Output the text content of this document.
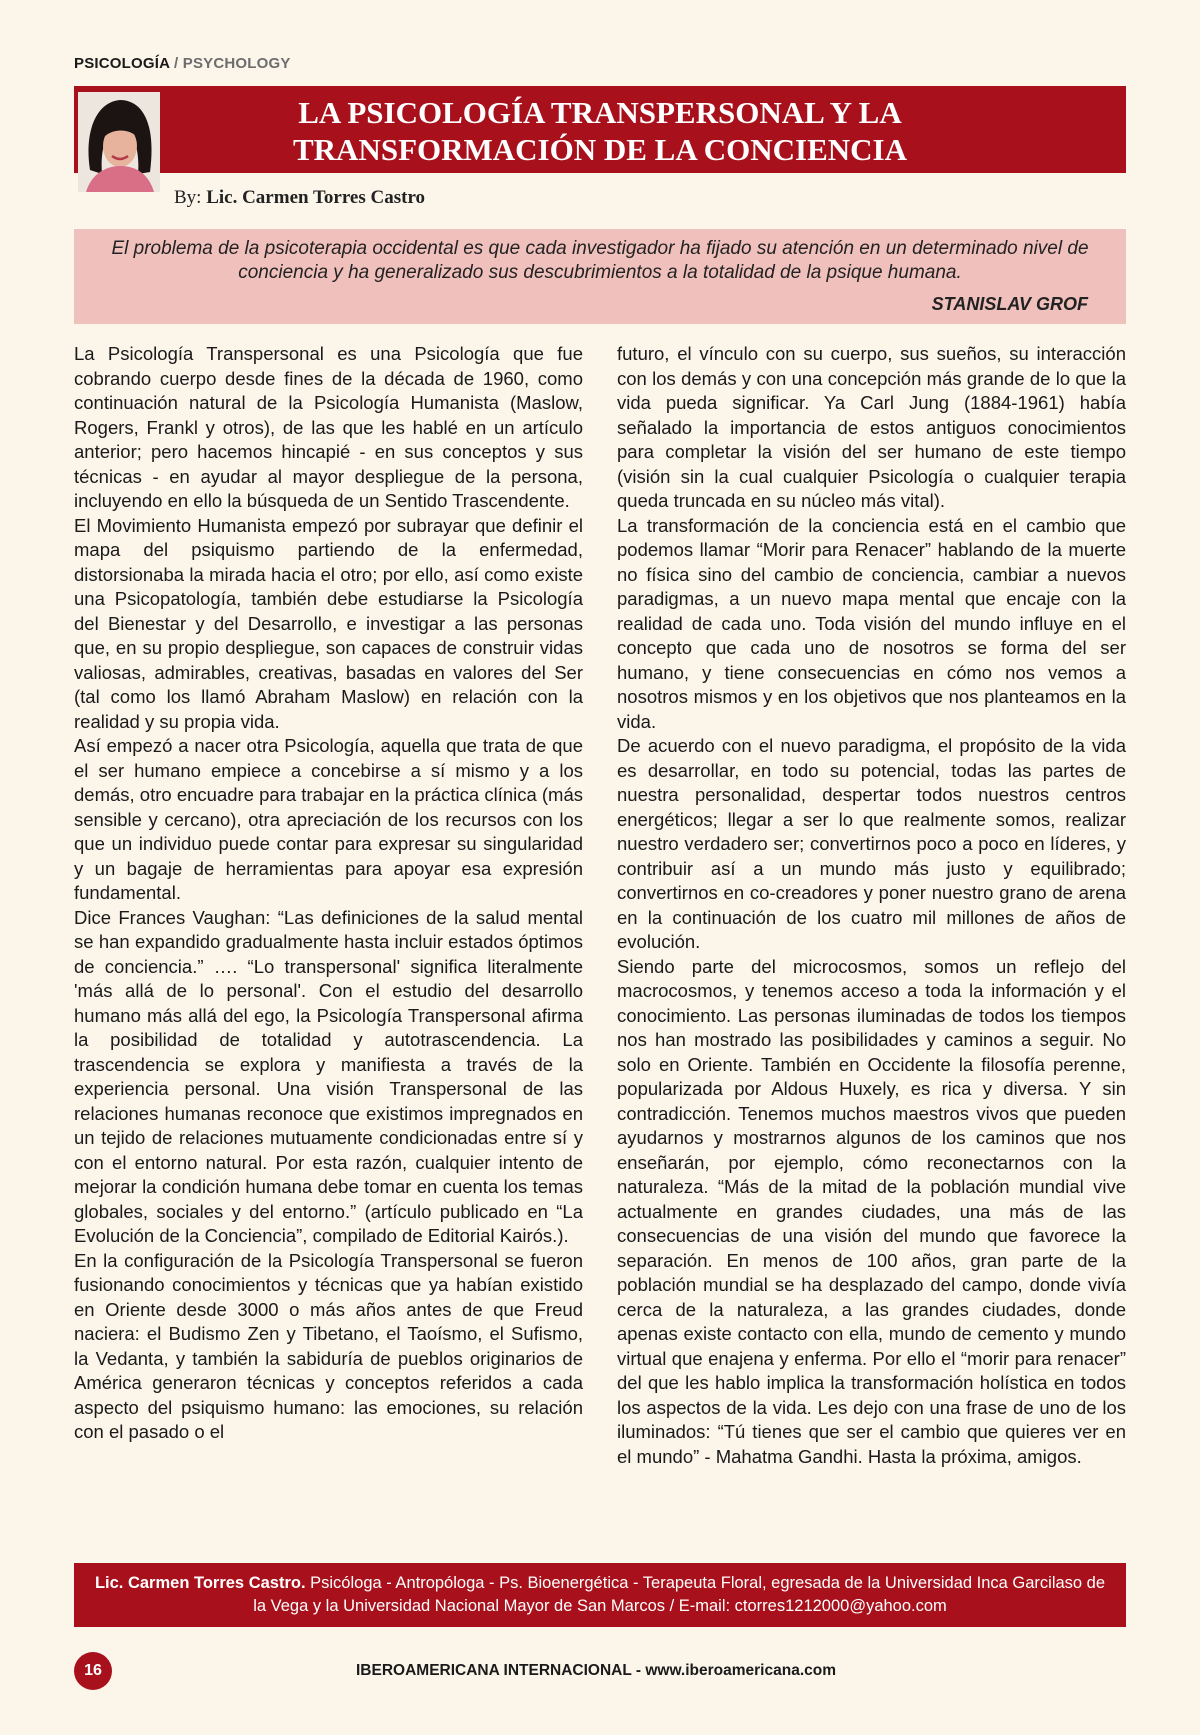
PSICOLOGÍA / PSYCHOLOGY
LA PSICOLOGÍA TRANSPERSONAL Y LA TRANSFORMACIÓN DE LA CONCIENCIA
By: Lic. Carmen Torres Castro

El problema de la psicoterapia occidental es que cada investigador ha fijado su atención en un determinado nivel de conciencia y ha generalizado sus descubrimientos a la totalidad de la psique humana.

STANISLAV GROF

La Psicología Transpersonal es una Psicología que fue cobrando cuerpo desde fines de la década de 1960, como continuación natural de la Psicología Humanista (Maslow, Rogers, Frankl y otros), de las que les hablé en un artículo anterior; pero hacemos hincapié - en sus conceptos y sus técnicas - en ayudar al mayor despliegue de la persona, incluyendo en ello la búsqueda de un Sentido Trascendente.

El Movimiento Humanista empezó por subrayar que definir el mapa del psiquismo partiendo de la enfermedad, distorsionaba la mirada hacia el otro; por ello, así como existe una Psicopatología, también debe estudiarse la Psicología del Bienestar y del Desarrollo, e investigar a las personas que, en su propio despliegue, son capaces de construir vidas valiosas, admirables, creativas, basadas en valores del Ser (tal como los llamó Abraham Maslow) en relación con la realidad y su propia vida.

Así empezó a nacer otra Psicología, aquella que trata de que el ser humano empiece a concebirse a sí mismo y a los demás, otro encuadre para trabajar en la práctica clínica (más sensible y cercano), otra apreciación de los recursos con los que un individuo puede contar para expresar su singularidad y un bagaje de herramientas para apoyar esa expresión fundamental.

Dice Frances Vaughan: “Las definiciones de la salud mental se han expandido gradualmente hasta incluir estados óptimos de conciencia.” …. “Lo transpersonal' significa literalmente 'más allá de lo personal'. Con el estudio del desarrollo humano más allá del ego, la Psicología Transpersonal afirma la posibilidad de totalidad y autotrascendencia. La trascendencia se explora y manifiesta a través de la experiencia personal. Una visión Transpersonal de las relaciones humanas reconoce que existimos impregnados en un tejido de relaciones mutuamente condicionadas entre sí y con el entorno natural. Por esta razón, cualquier intento de mejorar la condición humana debe tomar en cuenta los temas globales, sociales y del entorno.” (artículo publicado en “La Evolución de la Conciencia”, compilado de Editorial Kairós.).

En la configuración de la Psicología Transpersonal se fueron fusionando conocimientos y técnicas que ya habían existido en Oriente desde 3000 o más años antes de que Freud naciera: el Budismo Zen y Tibetano, el Taoísmo, el Sufismo, la Vedanta, y también la sabiduría de pueblos originarios de América generaron técnicas y conceptos referidos a cada aspecto del psiquismo humano: las emociones, su relación con el pasado o el

futuro, el vínculo con su cuerpo, sus sueños, su interacción con los demás y con una concepción más grande de lo que la vida pueda significar. Ya Carl Jung (1884-1961) había señalado la importancia de estos antiguos conocimientos para completar la visión del ser humano de este tiempo (visión sin la cual cualquier Psicología o cualquier terapia queda truncada en su núcleo más vital).

La transformación de la conciencia está en el cambio que podemos llamar “Morir para Renacer” hablando de la muerte no física sino del cambio de conciencia, cambiar a nuevos paradigmas, a un nuevo mapa mental que encaje con la realidad de cada uno. Toda visión del mundo influye en el concepto que cada uno de nosotros se forma del ser humano, y tiene consecuencias en cómo nos vemos a nosotros mismos y en los objetivos que nos planteamos en la vida.

De acuerdo con el nuevo paradigma, el propósito de la vida es desarrollar, en todo su potencial, todas las partes de nuestra personalidad, despertar todos nuestros centros energéticos; llegar a ser lo que realmente somos, realizar nuestro verdadero ser; convertirnos poco a poco en líderes, y contribuir así a un mundo más justo y equilibrado; convertirnos en co-creadores y poner nuestro grano de arena en la continuación de los cuatro mil millones de años de evolución.

Siendo parte del microcosmos, somos un reflejo del macrocosmos, y tenemos acceso a toda la información y el conocimiento. Las personas iluminadas de todos los tiempos nos han mostrado las posibilidades y caminos a seguir. No solo en Oriente. También en Occidente la filosofía perenne, popularizada por Aldous Huxely, es rica y diversa. Y sin contradicción. Tenemos muchos maestros vivos que pueden ayudarnos y mostrarnos algunos de los caminos que nos enseñarán, por ejemplo, cómo reconectarnos con la naturaleza. “Más de la mitad de la población mundial vive actualmente en grandes ciudades, una más de las consecuencias de una visión del mundo que favorece la separación. En menos de 100 años, gran parte de la población mundial se ha desplazado del campo, donde vivía cerca de la naturaleza, a las grandes ciudades, donde apenas existe contacto con ella, mundo de cemento y mundo virtual que enajena y enferma. Por ello el “morir para renacer” del que les hablo implica la transformación holística en todos los aspectos de la vida. Les dejo con una frase de uno de los iluminados: “Tú tienes que ser el cambio que quieres ver en el mundo” - Mahatma Gandhi. Hasta la próxima, amigos.

Lic. Carmen Torres Castro. Psicóloga - Antropóloga - Ps. Bioenergética - Terapeuta Floral, egresada de la Universidad Inca Garcilaso de la Vega y la Universidad Nacional Mayor de San Marcos / E-mail: ctorres1212000@yahoo.com

16	IBEROAMERICANA INTERNACIONAL - www.iberoamericana.com
